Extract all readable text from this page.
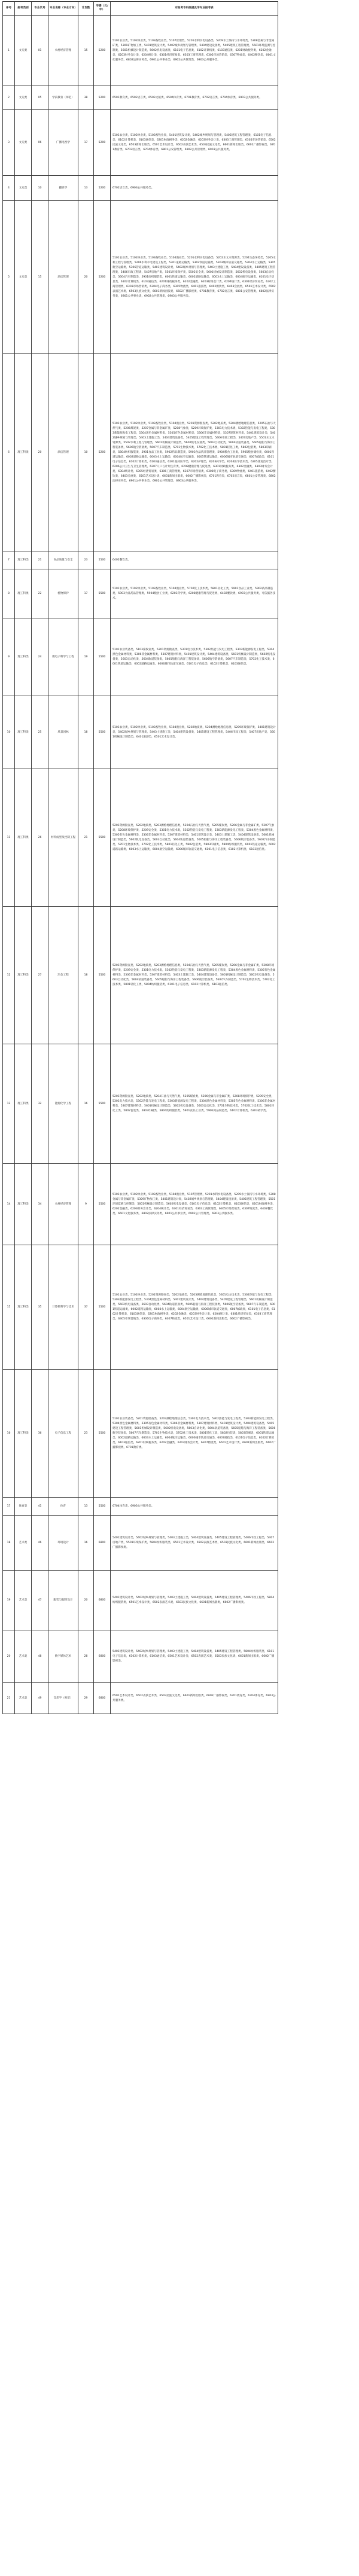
序号	报考类别	专业代号	专业名称（专业方向）	计划数	学费（元/年）	对报考专科段提具学专业报考表
1	文史类	01	农村经济管理	15	5200	5101农业类，5102林业类，5103畜牧业类，5107管理类，5201水利水电设备类，5209水土保持与水环境类，5308金属与非金属矿类，5309矿物加工类，5401建筑设计类，5402城乡规划与管理类，5404建设设备类，5405建筑工程管理类，5501环境监测与控制类，5601机械设计制造类，5602机电设备类，6101电子信息类，6102计算机类，6103通信类，6201财政税务类，6202金融类，6203财务会计类，6204统计类，6301经济贸易类，6303工商管理类，6305市场营销类，6307物流类，6402餐饮类，6601文化服务类，6802法律实务类，6901公共事业类，6902公共管理类，6903公共服务类。
2	文史类	05	学前教育（师范）	38	5200	6501教育类，6502语言类，6503文秘类，6504体育类，6701教育类，6702语言类，6704体育类，6903公共服务类。
3	文史类	06	广播电视学	17	5200	5101农业类，5102林业类，5103畜牧业类，5401建筑设计类，5402城乡规划与管理类，5405建筑工程管理类，6101电子信息类，6102计算机类，6103通信类，6201财政税务类，6202金融类，6203财务会计类，6303工商管理类，6305市场营销类，6502民族文化类，6503新闻出版类，6501艺术设计类，6502表演艺术类，6503民族文化类，6601新闻出版类，6602广播影视类，6701教育类，6702语言类，6704体育类，6801公安管理类，6902公共管理类，6903公共服务类。
4	文史类	10	翻译学	13	5200	6702语言类，6903公共服务类。
5	文史类	15	酒店管理	20	5200	5101农业类，5102林业类，5103畜牧业类，5104渔业类，5201水利水电设备类，5202水文水资源类，5204生态环境类，5205水利工程与管理类，5206水利水电建设工程类，5301道路运输类，5302铁道运输类，5303城市轨道交通类，5304水上运输类，5305航空运输类，5306管道运输类，5401建筑设计类，5402城乡规划与管理类，5403土建施工类，5404建设设备类，5405建筑工程管理类，5406市政工程类，5407房地产类，5501环境保护类，5502安全类，5601机械设计制造类，5602机电设备类，5603自动化类，5604汽车制造类，5901纺织服装类，6001铁道运输类，6002道路运输类，6003水上运输类，6004航空运输类，6101电子信息类，6102计算机类，6103通信类，6201财政税务类，6202金融类，6203财务会计类，6204统计类，6301经济贸易类，6302工商管理类，6303市场营销类，6304电子商务类，6305物流类，6401旅游类，6402餐饮类，6403会展类，6501艺术设计类，6502表演艺术类，6503民族文化类，6601新闻出版类，6602广播影视类，6701教育类，6702语言类，6801公安管理类，6802法律实务类，6901公共事业类，6902公共管理类，6903公共服务类。
6	理工科类	20	酒店管理	10	5200	5101农业类，5102林业类，5103畜牧业类，5104渔业类，5201资源勘查类，5202地质类，5204测绘地理信息类，5205石油与天然气类，5206煤炭类，5207金属与非金属矿类，5208气象类，5209环境保护类，5301电力技术类，5302热能与发电工程类，5303新能源发电工程类，5304黑色金属材料类，5305有色金属材料类，5306非金属材料类，5307建筑材料类，5401建筑设计类，5402城乡规划与管理类，5403土建施工类，5404建筑设备类，5405建设工程管理类，5406市政工程类，5407房地产类，5501水文水资源类，5502水利工程与管理类，5601机械设计制造类，5602机电设备类，5603自动化类，5604轨道装备类，5605船舶与海洋工程装备类，5606航空装备类，5607汽车制造类，5701生物技术类，5702化工技术类，5801轻化工类，5802包装类，5803印刷类，5804纺织服装类，5901食品工业类，5902药品制造类，5903食品药品管理类，5904粮食工业类，5905粮食储检类，6001铁道运输类，6002道路运输类，6003水上运输类，6004航空运输类，6005管道运输类，6006城市轨道交通类，6007邮政类，6101电子信息类，6102计算机类，6103通信类，6201临床医学类，6202护理类，6203药学类，6204医学技术类，6205康复治疗类，6206公共卫生与卫生管理类，6207人口与计划生育类，6208健康管理与促进类，6301财政税务类，6302金融类，6303财务会计类，6304统计类，6305经济贸易类，6306工商管理类，6307市场营销类，6308电子商务类，6309物流类，6401旅游类，6402餐饮类，6403会展类，6501艺术设计类，6601新闻出版类，6602广播影视类，6701教育类，6702语言类，6801公安管理类，6802法律实务类，6901公共事业类，6902公共管理类，6903公共服务类。
7	理工科类	21	食品质量与安全	23	5500	6402餐饮类。
8	理工科类	22	植物保护	17	5500	5101农业类，5102林业类，5103畜牧业类，5104渔业类，5702化工技术类，5801轻化工类，5901食品工业类，5902药品制造类，5903食品药品管理类，5904粮食工业类，6203药学类，6208健康管理与促进类，6402餐饮类，6903公共服务类，可依据各技术。
9	理工科类	24	微电子科学与工程	19	5500	5101农业装备类，5103畜牧业类，5201资源勘查类，5301电力技术类，5302热能与发电工程类，5303新能源发电工程类，5304黑色金属材料类，5306非金属材料类，5307建筑材料类，5401建筑设计类，5404建筑设备类，5601机械设计制造类，5602机电设备类，5603自动化类，5604轨道装备类，5605船舶与海洋工程装备类，5606航空装备类，5607汽车制造类，5702化工技术类，6001铁道运输类，6002道路运输类，6006城市轨道交通类，6101电子信息类，6102计算机类，6103通信类。
10	理工科类	25	风景园林	18	5500	5101农业类，5102林业类，5103畜牧业类，5104渔业类，5202地质类，5204测绘地理信息类，5209环境保护类，5401建筑设计类，5402城乡规划与管理类，5403土建施工类，5404建筑设备类，5405建设工程管理类，5406市政工程类，5407房地产类，5601机械设计制造类，6401旅游类，6501艺术设计类。
11	理工科类	26	材料成型及控制工程	21	5500	5201资源勘查类，5202地质类，5203测绘地理信息类，5204石油与天然气类，5205煤炭类，5206金属与非金属矿类，5207气象类，5208环境保护类，5209安全类，5301电力技术类，5302热能与发电工程类，5303新能源发电工程类，5304黑色金属材料类，5305有色金属材料类，5306非金属材料类，5307建筑材料类，5401建筑设计类，5403土建施工类，5404建筑设备类，5601机械设计制造类，5602机电设备类，5603自动化类，5604轨道装备类，5605船舶与海洋工程装备类，5606航空装备类，5607汽车制造类，5701生物技术类，5702化工技术类，5801轻化工类，5802包装类，5803印刷类，5804纺织服装类，6001铁道运输类，6002道路运输类，6003水上运输类，6004航空运输类，6006城市轨道交通类，6101电子信息类，6102计算机类，6103通信类。
12	理工科类	27	冶金工程	18	5500	5201资源勘查类，5202地质类，5203测绘地理信息类，5204石油与天然气类，5205煤炭类，5206金属与非金属矿类，5208环境保护类，5209安全类，5301电力技术类，5302热能与发电工程类，5303新能源发电工程类，5304黑色金属材料类，5305有色金属材料类，5306非金属材料类，5307建筑材料类，5403土建施工类，5404建筑设备类，5601机械设计制造类，5602机电设备类，5603自动化类，5604轨道装备类，5605船舶与海洋工程装备类，5606航空装备类，5607汽车制造类，5701生物技术类，5702化工技术类，5801轻化工类，5804纺织服装类，6101电子信息类，6102计算机类，6103通信类。
13	理工科类	32	能源化学工程	16	5500	5201资源勘查类，5202地质类，5204石油与天然气类，5205煤炭类，5206金属与非金属矿类，5208环境保护类，5209安全类，5301电力技术类，5302热能与发电工程类，5303新能源发电工程类，5304黑色金属材料类，5305有色金属材料类，5306非金属材料类，5307建筑材料类，5601机械设计制造类，5602机电设备类，5603自动化类，5701生物技术类，5702化工技术类，5801轻化工类，5802包装类，5803印刷类，5804纺织服装类，5901食品工业类，5902药品制造类，6102计算机类，6203药学类。
14	理工科类	34	农村经济管理	9	5500	5101农业类，5102林业类，5103畜牧业类，5104渔业类，5107管理类，5201水利水电设备类，5209水土保持与水环境类，5308金属与非金属矿类，5309矿物加工类，5401建筑设计类，5402城乡规划与管理类，5404建设设备类，5405建筑工程管理类，5501环境监测与控制类，5601机械设计制造类，5602机电设备类，6101电子信息类，6102计算机类，6103通信类，6201财政税务类，6202金融类，6203财务会计类，6204统计类，6301经济贸易类，6303工商管理类，6305市场营销类，6307物流类，6402餐饮类，6601文化服务类，6802法律实务类，6901公共事业类，6902公共管理类，6903公共服务类。
15	理工科类	35	计算机科学与技术	37	5500	5101农业类，5102林业类，5201资源勘查类，5202地质类，5203测绘地理信息类，5301电力技术类，5302热能与发电工程类，5303新能源发电工程类，5304黑色金属材料类，5401建筑设计类，5404建筑设备类，5405建设工程管理类，5601机械设计制造类，5602机电设备类，5603自动化类，5604轨道装备类，5605船舶与海洋工程装备类，5606航空装备类，5607汽车制造类，6001铁道运输类，6002道路运输类，6003水上运输类，6004航空运输类，6006城市轨道交通类，6007邮政类，6101电子信息类，6102计算机类，6103通信类，6201财政税务类，6202金融类，6203财务会计类，6204统计类，6301经济贸易类，6303工商管理类，6305市场营销类，6306电子商务类，6307物流类，6501艺术设计类，6601新闻出版类，6602广播影视类。
16	理工科类	36	电子信息工程	23	5500	5101农业装备类，5201资源勘查类，5203测绘地理信息类，5301电力技术类，5302热能与发电工程类，5303新能源发电工程类，5304黑色金属材料类，5305有色金属材料类，5306非金属材料类，5307建筑材料类，5401建筑设计类，5404建筑设备类，5405建设工程管理类，5601机械设计制造类，5602机电设备类，5603自动化类，5604轨道装备类，5605船舶与海洋工程装备类，5606航空装备类，5607汽车制造类，5701生物技术类，5702化工技术类，5801轻化工类，5802包装类，5803印刷类，6001铁道运输类，6002道路运输类，6003水上运输类，6004航空运输类，6006城市轨道交通类，6007邮政类，6101电子信息类，6102计算机类，6103通信类，6201财政税务类，6202金融类，6203财务会计类，6307物流类，6501艺术设计类，6601新闻出版类，6602广播影视类，6701教育类。
17	体育类	41	体育	13	5500	6704体育类，6903公共服务类。
18	艺术类	46	环境设计	16	6800	5401建筑设计类，5402城乡规划与管理类，5403土建施工类，5404建筑设备类，5405建设工程管理类，5406市政工程类，5407房地产类，5501环境保护类，5804纺织服装类，6501艺术设计类，6502表演艺术类，6503民族文化类，6601新闻出版类，6602广播影视类。
19	艺术类	47	服装与服饰设计	20	6800	5401建筑设计类，5402城乡规划与管理类，5403土建施工类，5404建筑设备类，5405建设工程管理类，5406市政工程类，5804纺织服装类，6501艺术设计类，6502表演艺术类，6503民族文化类，6601新闻出版类，6602广播影视类。
20	艺术类	48	数字媒体艺术	28	6800	5401建筑设计类，5402城乡规划与管理类，5403土建施工类，5404建筑设备类，5405建设工程管理类，5804纺织服装类，6101电子信息类，6102计算机类，6103通信类，6501艺术设计类，6502表演艺术类，6503民族文化类，6601新闻出版类，6602广播影视类。
21	艺术类	49	音乐学（师范）	29	6800	6501艺术设计类，6502表演艺术类，6503民族文化类，6601新闻出版类，6602广播影视类，6701教育类，6704体育类，6903公共服务类。
